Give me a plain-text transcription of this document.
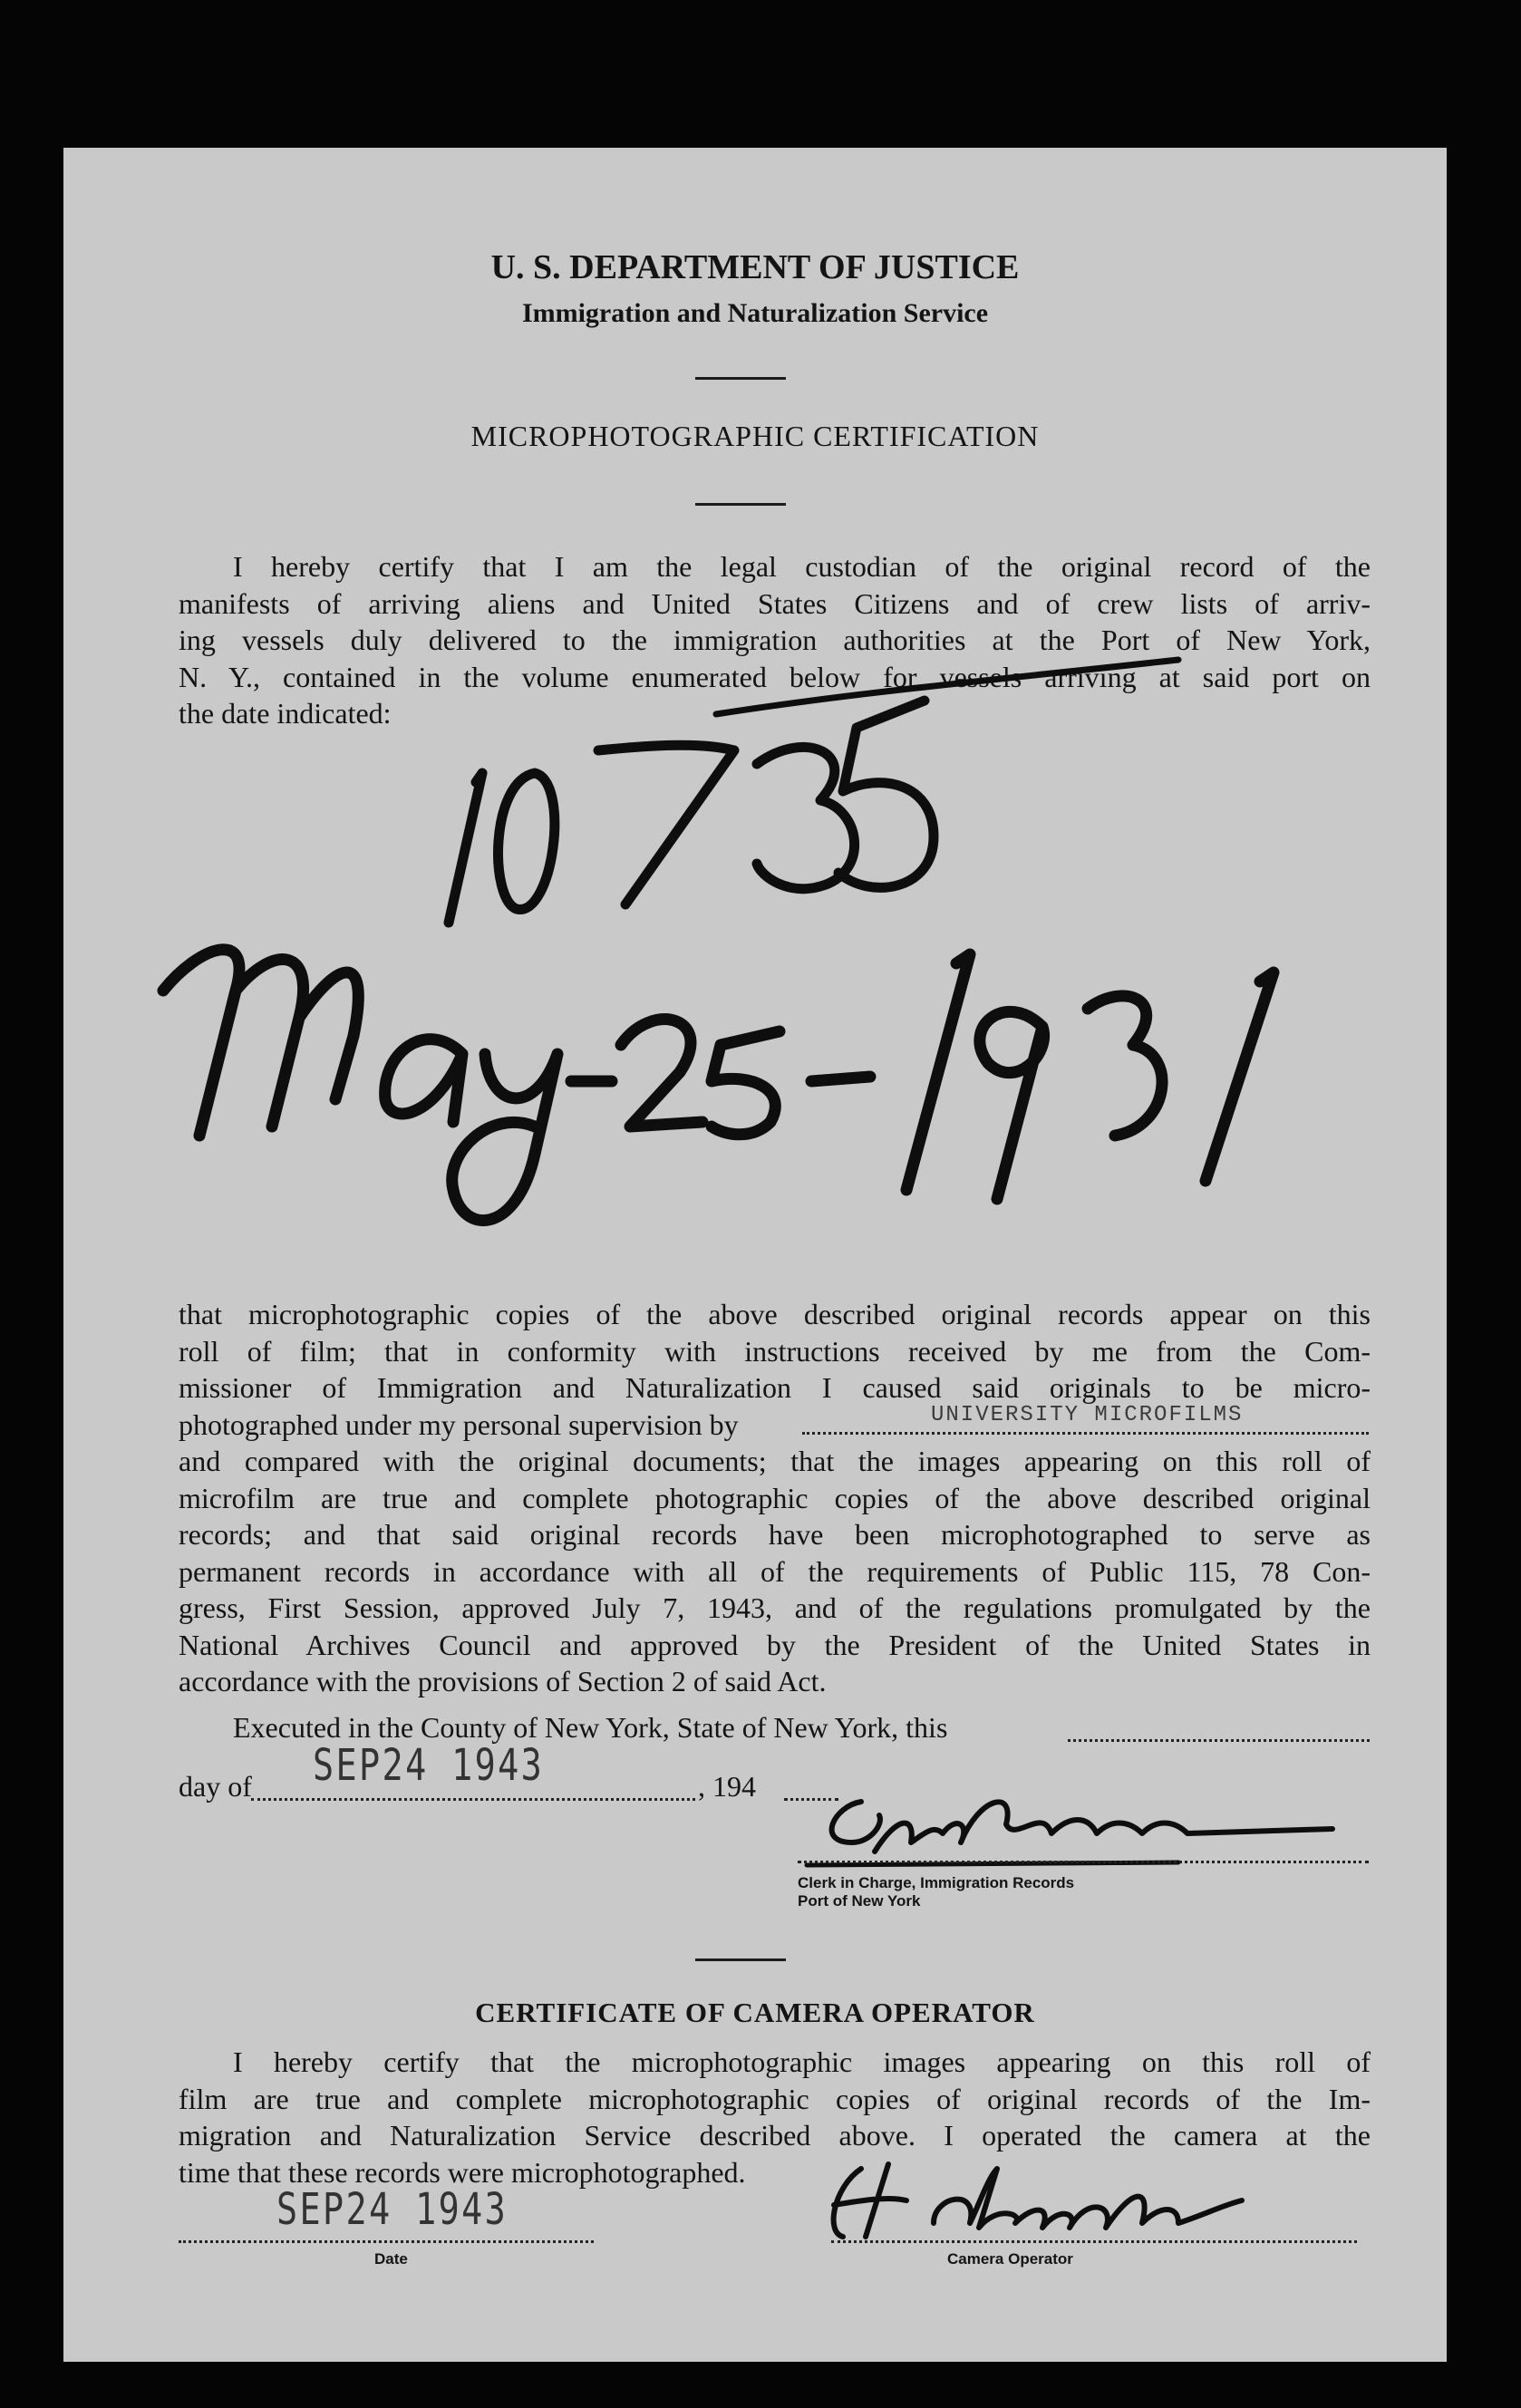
U. S. DEPARTMENT OF JUSTICE
Immigration and Naturalization Service
MICROPHOTOGRAPHIC CERTIFICATION
I hereby certify that I am the legal custodian of the original record of the
manifests of arriving aliens and United States Citizens and of crew lists of arriv-
ing vessels duly delivered to the immigration authorities at the Port of New York,
N. Y., contained in the volume enumerated below for vessels arriving at said port on
the date indicated:
that microphotographic copies of the above described original records appear on this
roll of film; that in conformity with instructions received by me from the Com-
missioner of Immigration and Naturalization I caused said originals to be micro-
photographed under my personal supervision by	UNIVERSITY MICROFILMS
and compared with the original documents; that the images appearing on this roll of
microfilm are true and complete photographic copies of the above described original
records; and that said original records have been microphotographed to serve as
permanent records in accordance with all of the requirements of Public 115, 78 Con-
gress, First Session, approved July 7, 1943, and of the regulations promulgated by the
National Archives Council and approved by the President of the United States in
accordance with the provisions of Section 2 of said Act.
Executed in the County of New York, State of New York, this
day of SEP24 1943	, 194
Clerk in Charge, Immigration Records
Port of New York
CERTIFICATE OF CAMERA OPERATOR
I hereby certify that the microphotographic images appearing on this roll of
film are true and complete microphotographic copies of original records of the Im-
migration and Naturalization Service described above. I operated the camera at the
time that these records were microphotographed.
SEP24 1943
Date	Camera Operator
